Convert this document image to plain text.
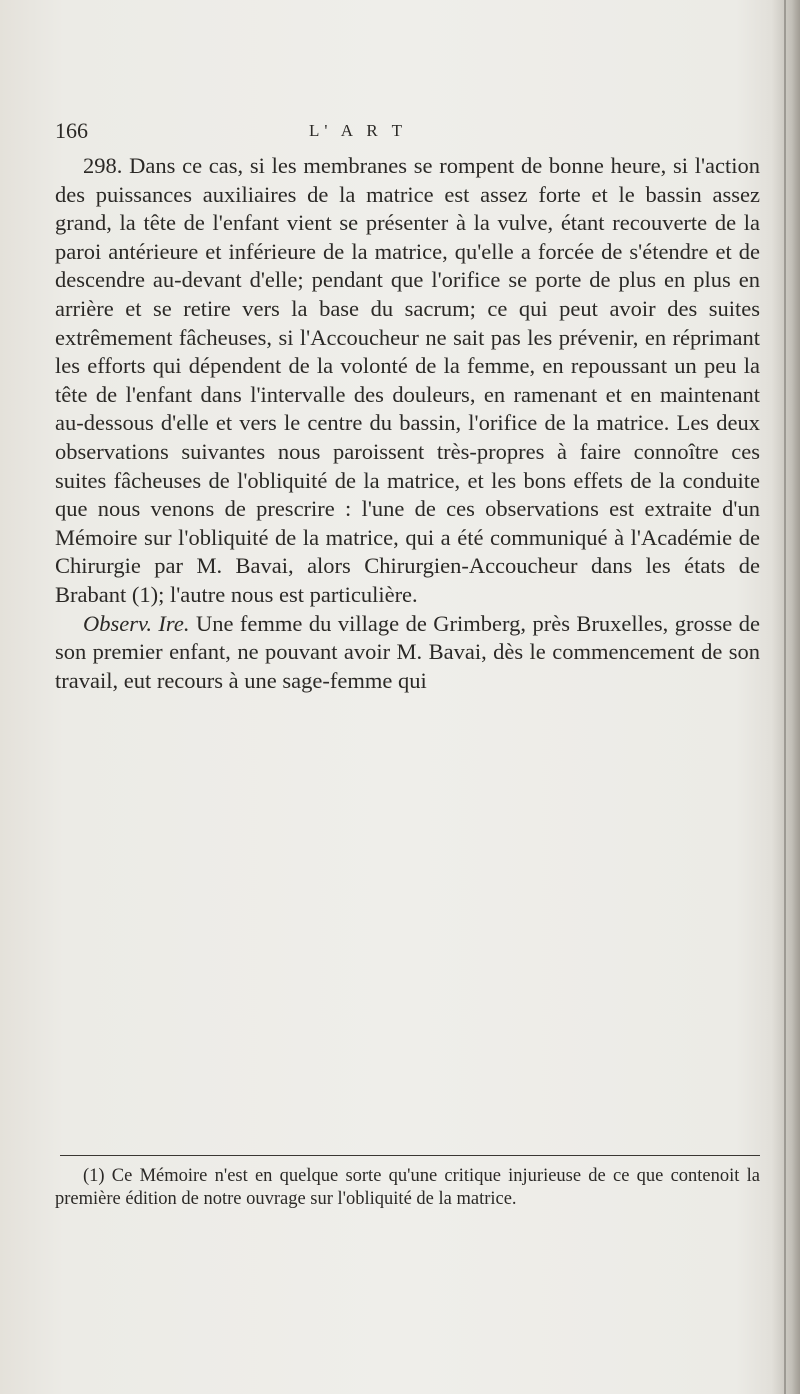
166	L' A R T

298. Dans ce cas, si les membranes se rompent de bonne heure, si l'action des puissances auxiliaires de la matrice est assez forte et le bassin assez grand, la tête de l'enfant vient se présenter à la vulve, étant recouverte de la paroi antérieure et inférieure de la matrice, qu'elle a forcée de s'étendre et de descendre au-devant d'elle; pendant que l'orifice se porte de plus en plus en arrière et se retire vers la base du sacrum; ce qui peut avoir des suites extrêmement fâcheuses, si l'Accoucheur ne sait pas les prévenir, en réprimant les efforts qui dépendent de la volonté de la femme, en repoussant un peu la tête de l'enfant dans l'intervalle des douleurs, en ramenant et en maintenant au-dessous d'elle et vers le centre du bassin, l'orifice de la matrice. Les deux observations suivantes nous paroissent très-propres à faire connoître ces suites fâcheuses de l'obliquité de la matrice, et les bons effets de la conduite que nous venons de prescrire : l'une de ces observations est extraite d'un Mémoire sur l'obliquité de la matrice, qui a été communiqué à l'Académie de Chirurgie par M. Bavai, alors Chirurgien-Accoucheur dans les états de Brabant (1); l'autre nous est particulière.

Observ. Ire. Une femme du village de Grimberg, près Bruxelles, grosse de son premier enfant, ne pouvant avoir M. Bavai, dès le commencement de son travail, eut recours à une sage-femme qui

(1) Ce Mémoire n'est en quelque sorte qu'une critique injurieuse de ce que contenoit la première édition de notre ouvrage sur l'obliquité de la matrice.
